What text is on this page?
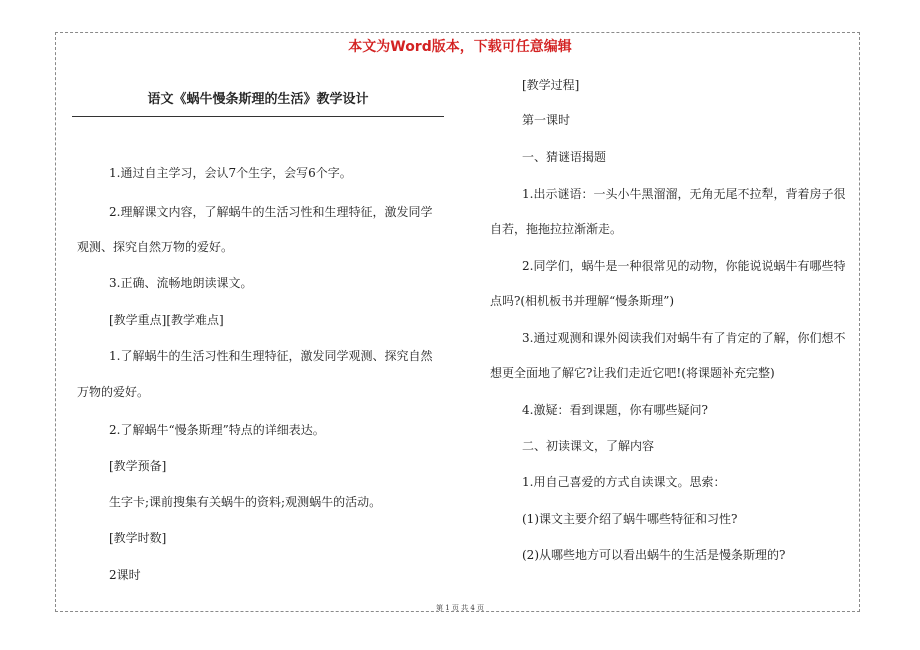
本文为Word版本，下载可任意编辑
语文《蜗牛慢条斯理的生活》教学设计

1.通过自主学习，会认7个生字，会写6个字。

2.理解课文内容，了解蜗牛的生活习性和生理特征，激发同学

观测、探究自然万物的爱好。

3.正确、流畅地朗读课文。

[教学重点][教学难点]

1.了解蜗牛的生活习性和生理特征，激发同学观测、探究自然

万物的爱好。

2.了解蜗牛“慢条斯理”特点的详细表达。

[教学预备]

生字卡;课前搜集有关蜗牛的资料;观测蜗牛的活动。

[教学时数]

2课时

[教学过程]

第一课时

一、猜谜语揭题

1.出示谜语：一头小牛黑溜溜，无角无尾不拉犁，背着房子很

自若，拖拖拉拉渐渐走。

2.同学们，蜗牛是一种很常见的动物，你能说说蜗牛有哪些特

点吗?(相机板书并理解“慢条斯理”)

3.通过观测和课外阅读我们对蜗牛有了肯定的了解，你们想不

想更全面地了解它?让我们走近它吧!(将课题补充完整)

4.激疑：看到课题，你有哪些疑问?

二、初读课文，了解内容

1.用自己喜爱的方式自读课文。思索：

(1)课文主要介绍了蜗牛哪些特征和习性?

(2)从哪些地方可以看出蜗牛的生活是慢条斯理的?

第 1 页 共 4 页
